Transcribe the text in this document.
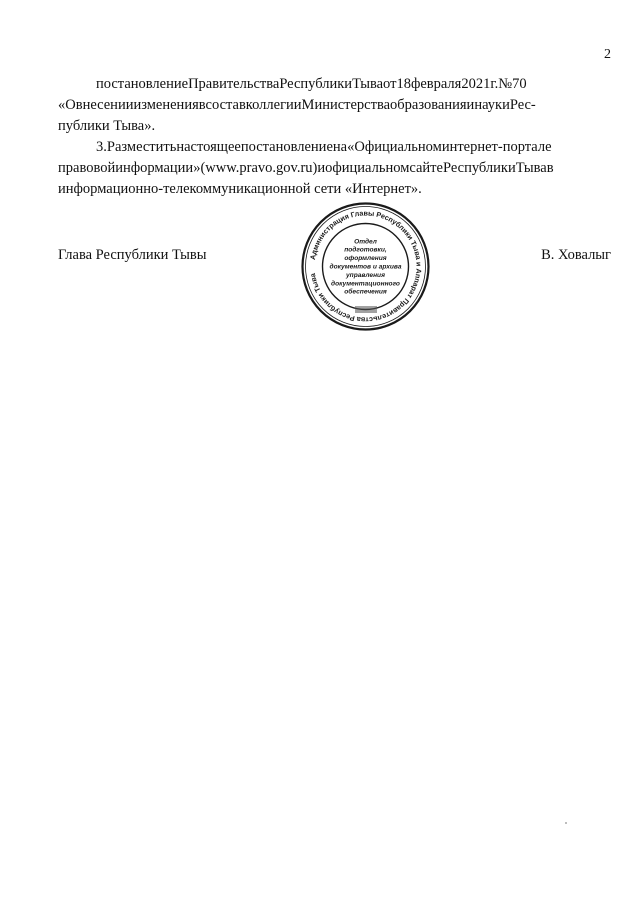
2
постановлениеПравительстваРеспубликиТываот18февраля2021г.№70
«ОвнесенииизменениявсоставколлегииМинистерстваобразованияинаукиРес-
публики Тыва».
3.Разместитьнастоящеепостановлениена«Официальноминтернет-портале
правовойинформации»(www.pravo.gov.ru)иофициальномсайтеРеспубликиТывав
информационно-телекоммуникационной сети «Интернет».
Глава Республики Тывы	В. Ховалыг
Администрация Главы Республики Тыва и Аппарат Правительства Республики Тыва
Отдел
подготовки,
оформления
документов и архива
управления
документационного
обеспечения
